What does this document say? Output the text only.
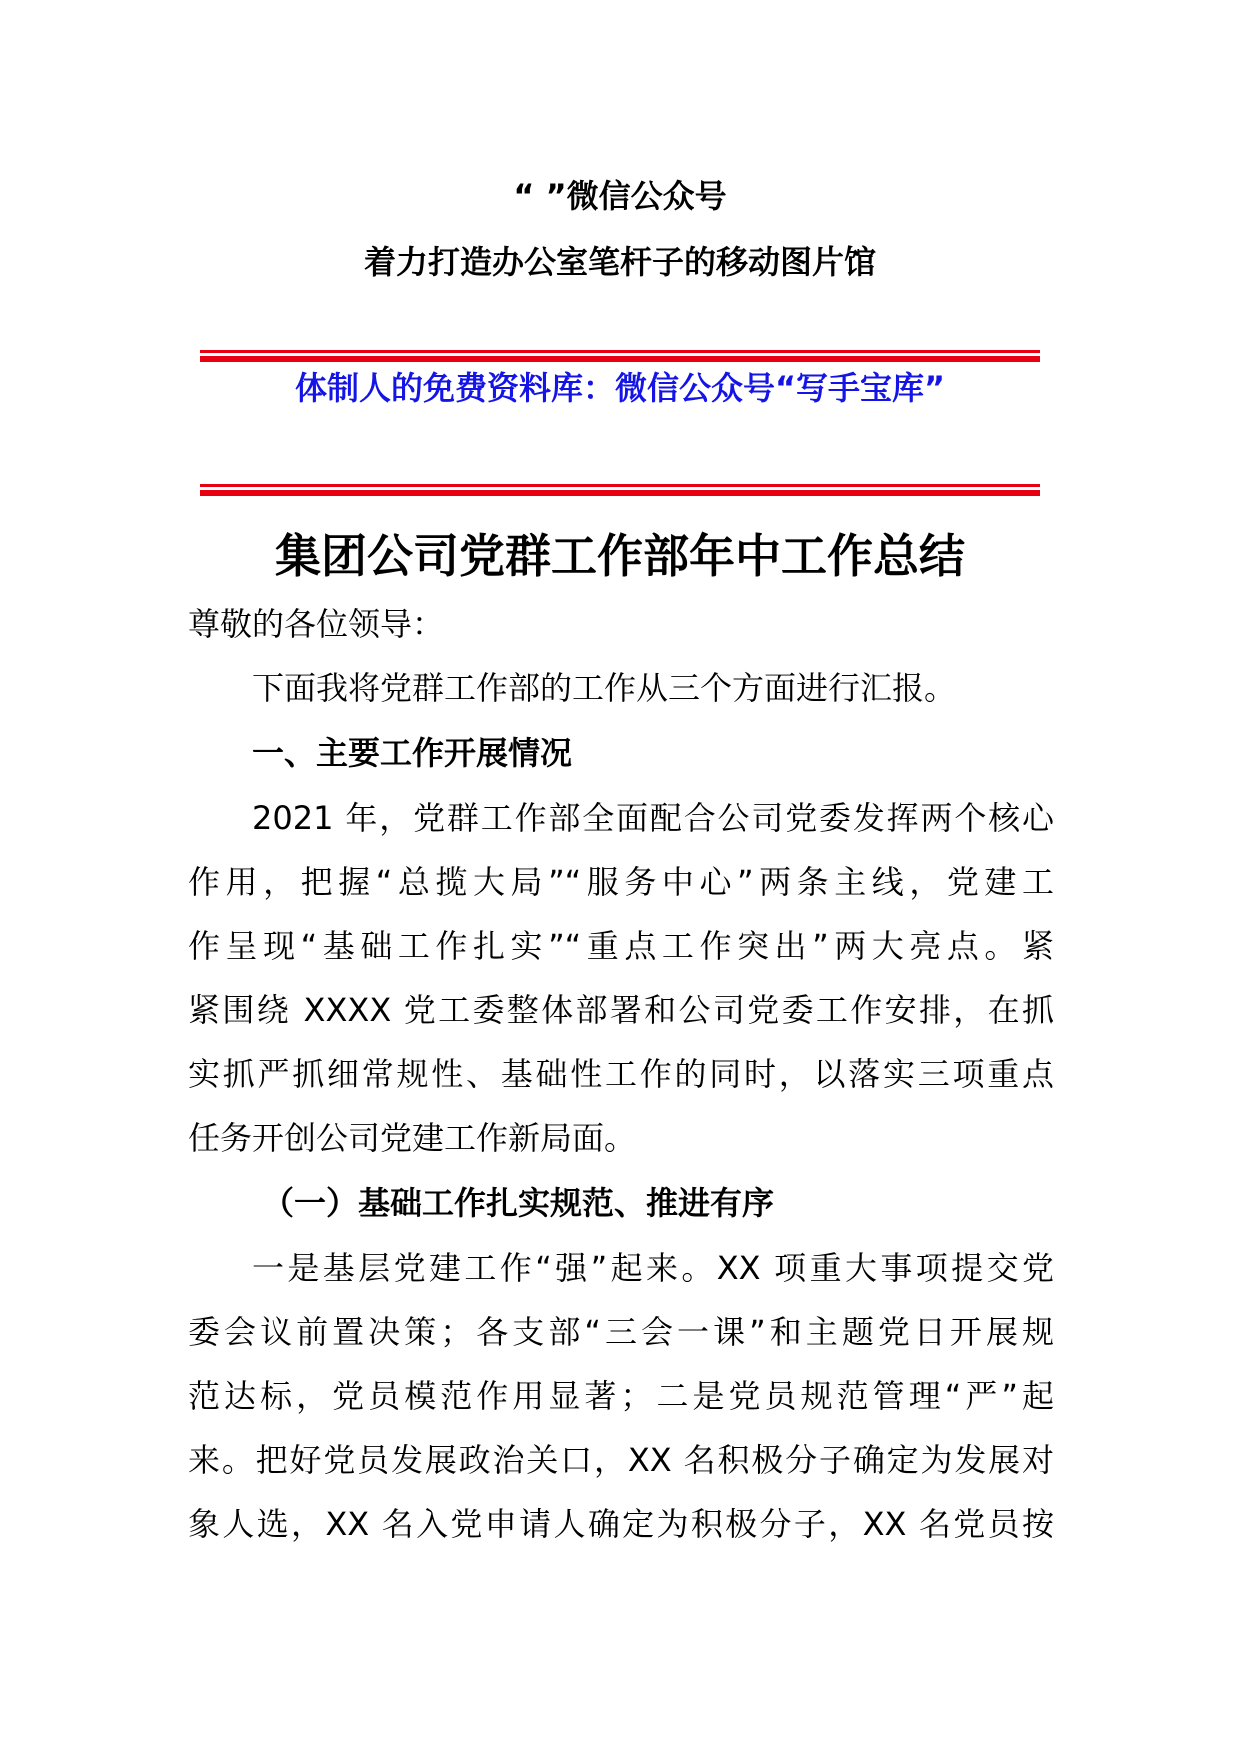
“ ”微信公众号
着力打造办公室笔杆子的移动图片馆
体制人的免费资料库：微信公众号“写手宝库”
集团公司党群工作部年中工作总结
尊敬的各位领导：
下面我将党群工作部的工作从三个方面进行汇报。
一、主要工作开展情况
2021 年，党群工作部全面配合公司党委发挥两个核心
作用，把握“总揽大局”“服务中心”两条主线，党建工
作呈现“基础工作扎实”“重点工作突出”两大亮点。紧
紧围绕 XXXX 党工委整体部署和公司党委工作安排，在抓
实抓严抓细常规性、基础性工作的同时，以落实三项重点
任务开创公司党建工作新局面。
（一）基础工作扎实规范、推进有序
一是基层党建工作“强”起来。XX 项重大事项提交党
委会议前置决策；各支部“三会一课”和主题党日开展规
范达标，党员模范作用显著；二是党员规范管理“严”起
来。把好党员发展政治关口，XX 名积极分子确定为发展对
象人选，XX 名入党申请人确定为积极分子，XX 名党员按
